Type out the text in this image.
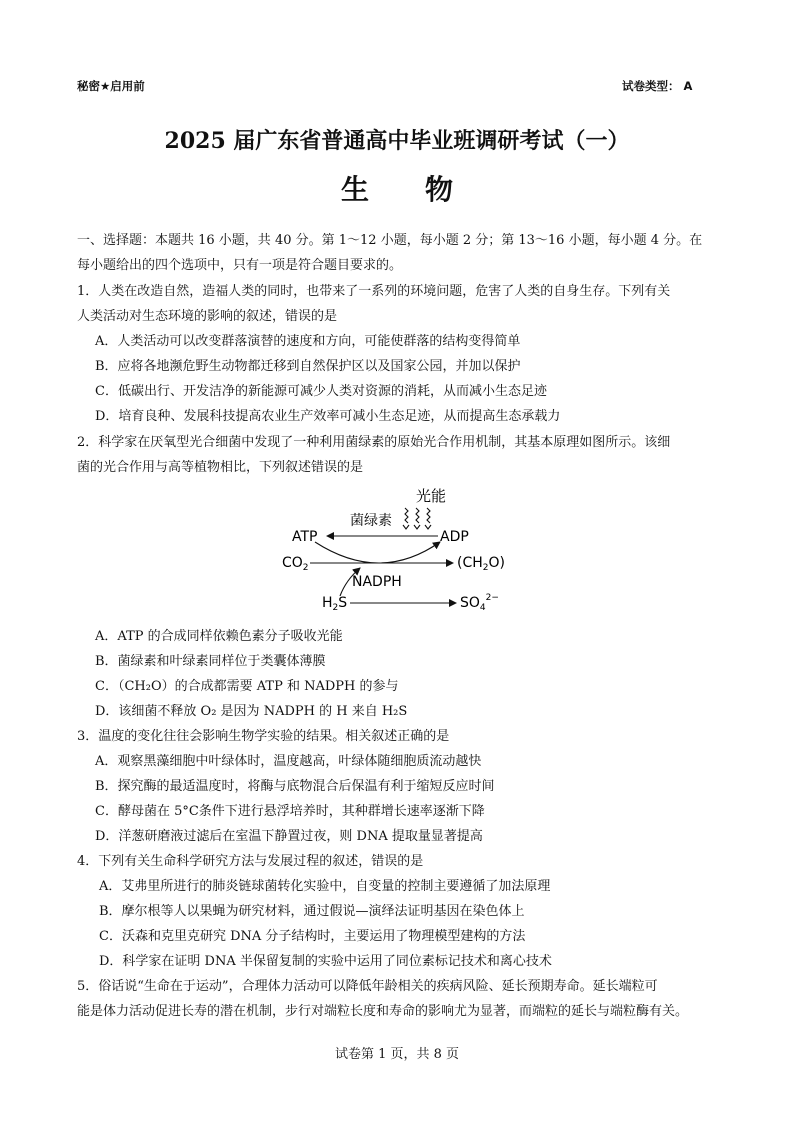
秘密★启用前	试卷类型： A
2025 届广东省普通高中毕业班调研考试（一）
生　　物
一、选择题：本题共 16 小题，共 40 分。第 1～12 小题，每小题 2 分；第 13～16 小题，每小题 4 分。在
每小题给出的四个选项中，只有一项是符合题目要求的。
1．人类在改造自然，造福人类的同时，也带来了一系列的环境问题，危害了人类的自身生存。下列有关
人类活动对生态环境的影响的叙述，错误的是
A．人类活动可以改变群落演替的速度和方向，可能使群落的结构变得简单
B．应将各地濒危野生动物都迁移到自然保护区以及国家公园，并加以保护
C．低碳出行、开发洁净的新能源可减少人类对资源的消耗，从而减小生态足迹
D．培育良种、发展科技提高农业生产效率可减小生态足迹，从而提高生态承载力
2．科学家在厌氧型光合细菌中发现了一种利用菌绿素的原始光合作用机制，其基本原理如图所示。该细
菌的光合作用与高等植物相比，下列叙述错误的是
光能
菌绿素
ATP	ADP
$CO_2$	$(CH_2O)$
NADPH
$H_2S$	$SO_4^{2-}$
A．ATP 的合成同样依赖色素分子吸收光能
B．菌绿素和叶绿素同样位于类囊体薄膜
C．（CH₂O）的合成都需要 ATP 和 NADPH 的参与
D．该细菌不释放 O₂ 是因为 NADPH 的 H 来自 H₂S
3．温度的变化往往会影响生物学实验的结果。相关叙述正确的是
A．观察黑藻细胞中叶绿体时，温度越高，叶绿体随细胞质流动越快
B．探究酶的最适温度时，将酶与底物混合后保温有利于缩短反应时间
C．酵母菌在 5°C条件下进行悬浮培养时，其种群增长速率逐渐下降
D．洋葱研磨液过滤后在室温下静置过夜，则 DNA 提取量显著提高
4．下列有关生命科学研究方法与发展过程的叙述，错误的是
A．艾弗里所进行的肺炎链球菌转化实验中，自变量的控制主要遵循了加法原理
B．摩尔根等人以果蝇为研究材料，通过假说—演绎法证明基因在染色体上
C．沃森和克里克研究 DNA 分子结构时，主要运用了物理模型建构的方法
D．科学家在证明 DNA 半保留复制的实验中运用了同位素标记技术和离心技术
5．俗话说“生命在于运动”，合理体力活动可以降低年龄相关的疾病风险、延长预期寿命。延长端粒可
能是体力活动促进长寿的潜在机制，步行对端粒长度和寿命的影响尤为显著，而端粒的延长与端粒酶有关。
试卷第 1 页，共 8 页
